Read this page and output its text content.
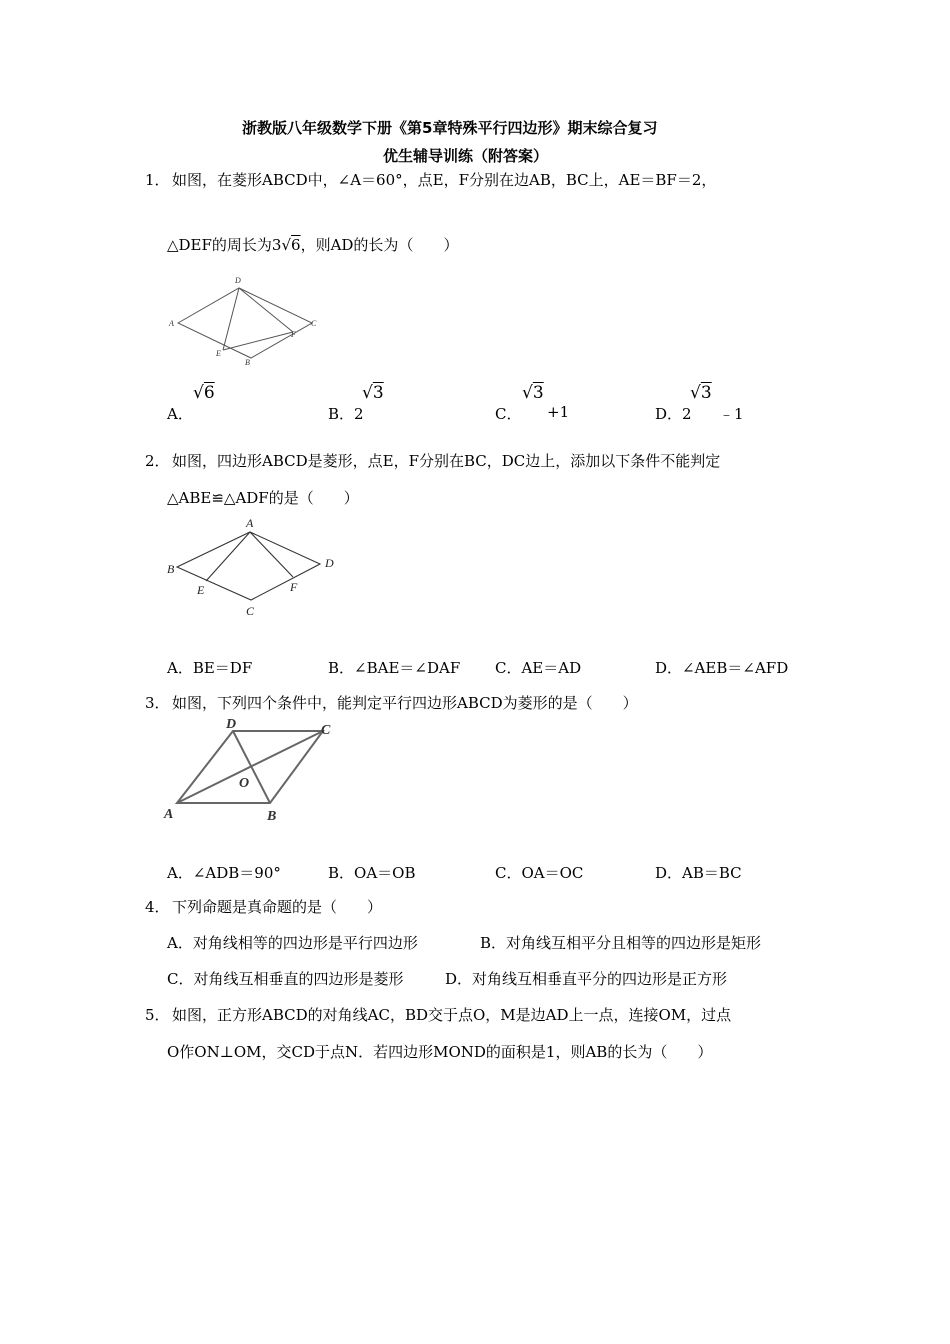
浙教版八年级数学下册《第5章特殊平行四边形》期末综合复习
优生辅导训练（附答案）
1． 如图，在菱形ABCD中，∠A＝60°，点E，F分别在边AB，BC上，AE＝BF＝2，
△DEF的周长为3√6，则AD的长为（　　）
D
A	C
F
E
B
A．
√6
B．2
√3
C．
√3
+1	D．2
√3
﹣1
2． 如图，四边形ABCD是菱形，点E，F分别在BC，DC边上，添加以下条件不能判定
△ABE≌△ADF的是（　　）
A
B	D
E	F
C
A．BE＝DF	B．∠BAE＝∠DAF C．AE＝AD	D．∠AEB＝∠AFD
3． 如图，下列四个条件中，能判定平行四边形ABCD为菱形的是（　　）
D	C
O
A	B
A．∠ADB＝90°	B．OA＝OB	C．OA＝OC	D．AB＝BC
4． 下列命题是真命题的是（　　）
A．对角线相等的四边形是平行四边形	B．对角线互相平分且相等的四边形是矩形
C．对角线互相垂直的四边形是菱形	D．对角线互相垂直平分的四边形是正方形
5． 如图，正方形ABCD的对角线AC，BD交于点O，M是边AD上一点，连接OM，过点
O作ON⊥OM，交CD于点N．若四边形MOND的面积是1，则AB的长为（　　）
